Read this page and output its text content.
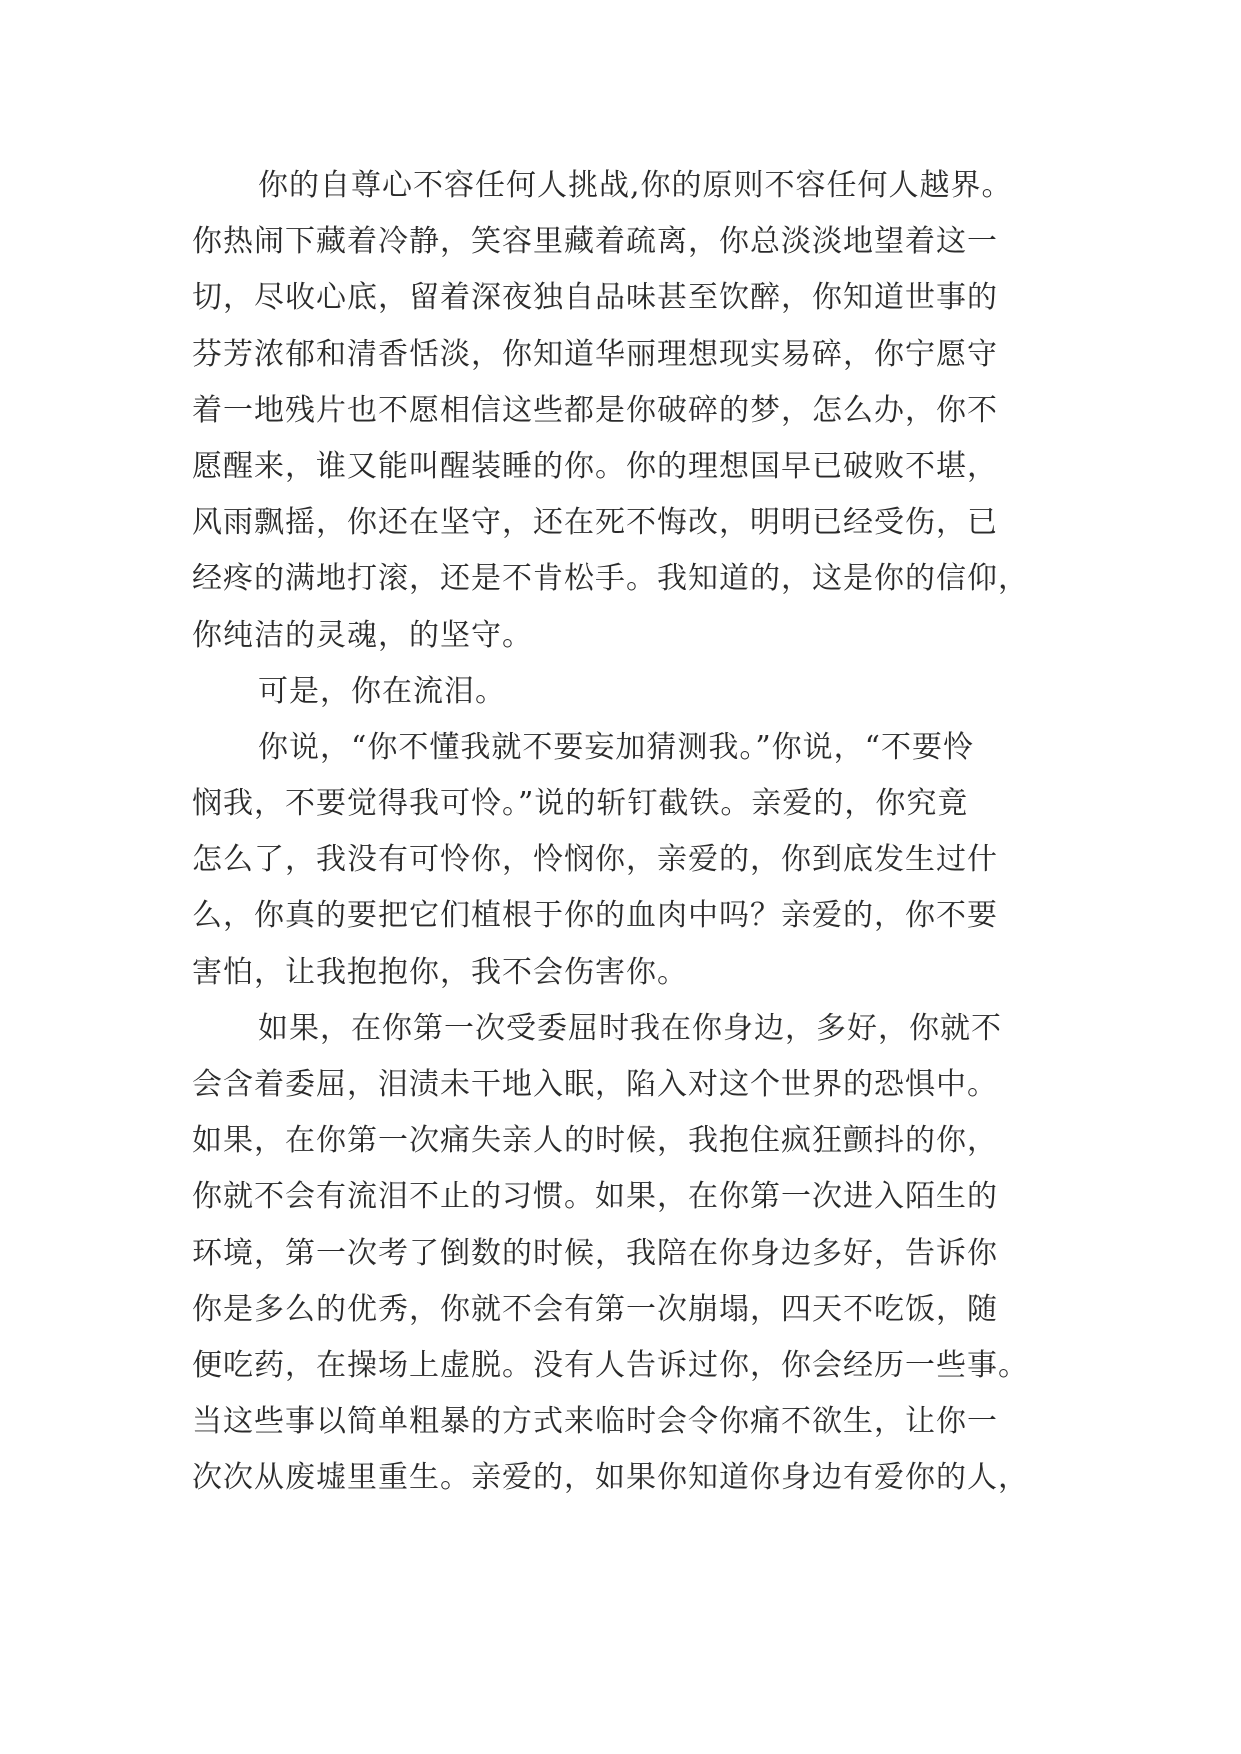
你的自尊心不容任何人挑战,你的原则不容任何人越界。
你热闹下藏着冷静，笑容里藏着疏离，你总淡淡地望着这一
切，尽收心底，留着深夜独自品味甚至饮醉，你知道世事的
芬芳浓郁和清香恬淡，你知道华丽理想现实易碎，你宁愿守
着一地残片也不愿相信这些都是你破碎的梦，怎么办，你不
愿醒来，谁又能叫醒装睡的你。你的理想国早已破败不堪，
风雨飘摇，你还在坚守，还在死不悔改，明明已经受伤，已
经疼的满地打滚，还是不肯松手。我知道的，这是你的信仰，
你纯洁的灵魂，的坚守。
可是，你在流泪。
你说，“你不懂我就不要妄加猜测我。”你说，“不要怜
悯我，不要觉得我可怜。”说的斩钉截铁。亲爱的，你究竟
怎么了，我没有可怜你，怜悯你，亲爱的，你到底发生过什
么，你真的要把它们植根于你的血肉中吗？亲爱的，你不要
害怕，让我抱抱你，我不会伤害你。
如果，在你第一次受委屈时我在你身边，多好，你就不
会含着委屈，泪渍未干地入眠，陷入对这个世界的恐惧中。
如果，在你第一次痛失亲人的时候，我抱住疯狂颤抖的你，
你就不会有流泪不止的习惯。如果，在你第一次进入陌生的
环境，第一次考了倒数的时候，我陪在你身边多好，告诉你
你是多么的优秀，你就不会有第一次崩塌，四天不吃饭，随
便吃药，在操场上虚脱。没有人告诉过你，你会经历一些事。
当这些事以简单粗暴的方式来临时会令你痛不欲生，让你一
次次从废墟里重生。亲爱的，如果你知道你身边有爱你的人，
